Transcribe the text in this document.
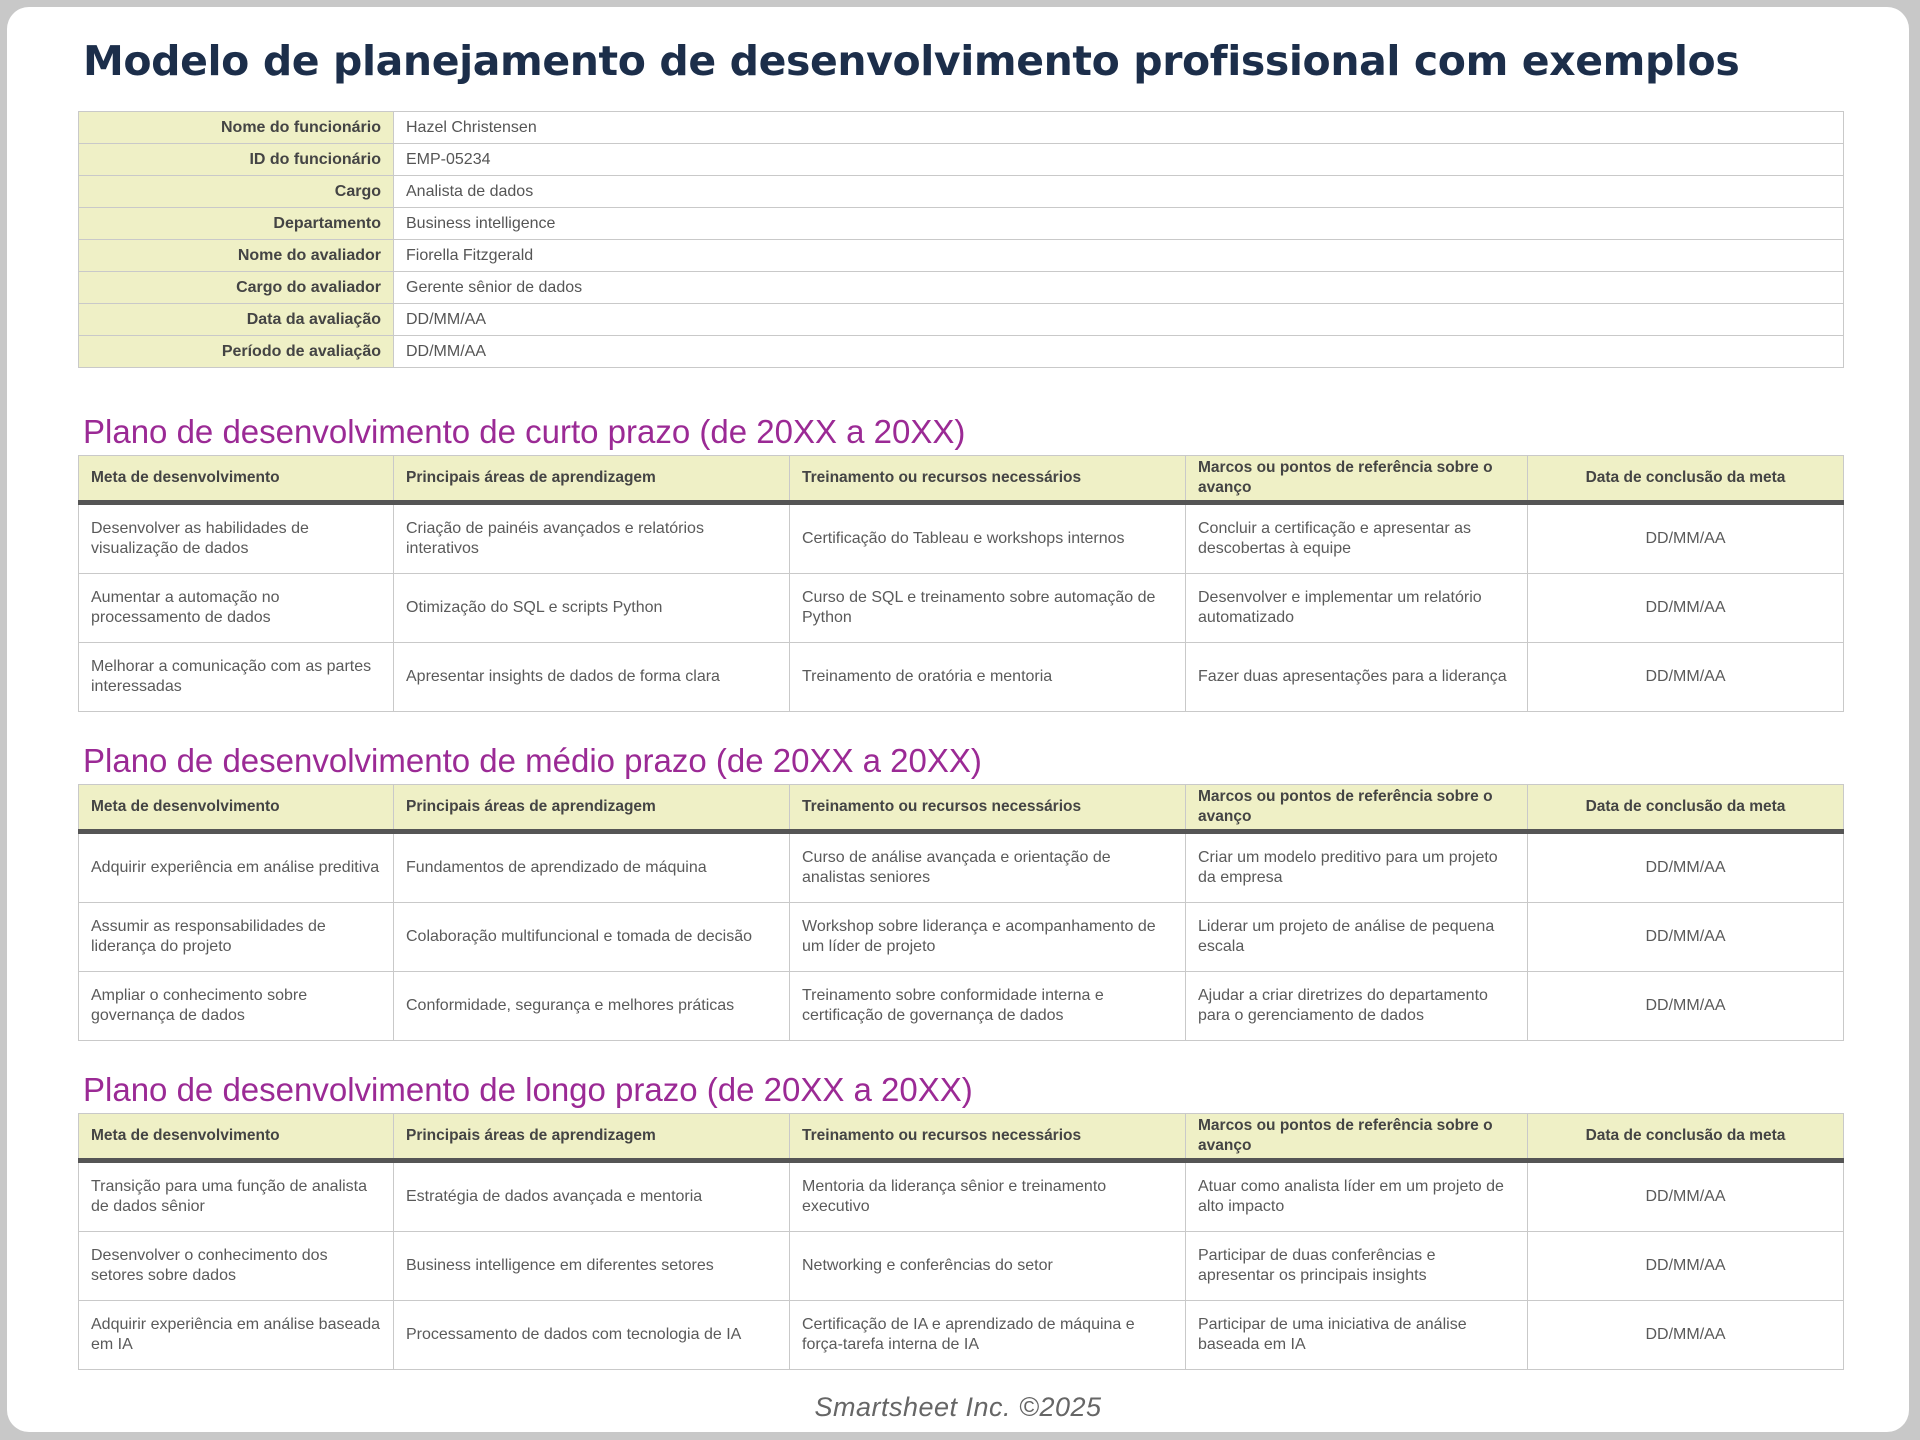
Modelo de planejamento de desenvolvimento profissional com exemplos
Nome do funcionário	Hazel Christensen
ID do funcionário	EMP-05234
Cargo	Analista de dados
Departamento	Business intelligence
Nome do avaliador	Fiorella Fitzgerald
Cargo do avaliador	Gerente sênior de dados
Data da avaliação	DD/MM/AA
Período de avaliação	DD/MM/AA
Plano de desenvolvimento de curto prazo (de 20XX a 20XX)
Meta de desenvolvimento	Principais áreas de aprendizagem	Treinamento ou recursos necessários	Marcos ou pontos de referência sobre o avanço	Data de conclusão da meta
Desenvolver as habilidades de visualização de dados	Criação de painéis avançados e relatórios interativos	Certificação do Tableau e workshops internos	Concluir a certificação e apresentar as descobertas à equipe	DD/MM/AA
Aumentar a automação no processamento de dados	Otimização do SQL e scripts Python	Curso de SQL e treinamento sobre automação de Python	Desenvolver e implementar um relatório automatizado	DD/MM/AA
Melhorar a comunicação com as partes interessadas	Apresentar insights de dados de forma clara	Treinamento de oratória e mentoria	Fazer duas apresentações para a liderança	DD/MM/AA
Plano de desenvolvimento de médio prazo (de 20XX a 20XX)
Meta de desenvolvimento	Principais áreas de aprendizagem	Treinamento ou recursos necessários	Marcos ou pontos de referência sobre o avanço	Data de conclusão da meta
Adquirir experiência em análise preditiva	Fundamentos de aprendizado de máquina	Curso de análise avançada e orientação de analistas seniores	Criar um modelo preditivo para um projeto da empresa	DD/MM/AA
Assumir as responsabilidades de liderança do projeto	Colaboração multifuncional e tomada de decisão	Workshop sobre liderança e acompanhamento de um líder de projeto	Liderar um projeto de análise de pequena escala	DD/MM/AA
Ampliar o conhecimento sobre governança de dados	Conformidade, segurança e melhores práticas	Treinamento sobre conformidade interna e certificação de governança de dados	Ajudar a criar diretrizes do departamento para o gerenciamento de dados	DD/MM/AA
Plano de desenvolvimento de longo prazo (de 20XX a 20XX)
Meta de desenvolvimento	Principais áreas de aprendizagem	Treinamento ou recursos necessários	Marcos ou pontos de referência sobre o avanço	Data de conclusão da meta
Transição para uma função de analista de dados sênior	Estratégia de dados avançada e mentoria	Mentoria da liderança sênior e treinamento executivo	Atuar como analista líder em um projeto de alto impacto	DD/MM/AA
Desenvolver o conhecimento dos setores sobre dados	Business intelligence em diferentes setores	Networking e conferências do setor	Participar de duas conferências e apresentar os principais insights	DD/MM/AA
Adquirir experiência em análise baseada em IA	Processamento de dados com tecnologia de IA	Certificação de IA e aprendizado de máquina e força-tarefa interna de IA	Participar de uma iniciativa de análise baseada em IA	DD/MM/AA
Smartsheet Inc. ©2025
